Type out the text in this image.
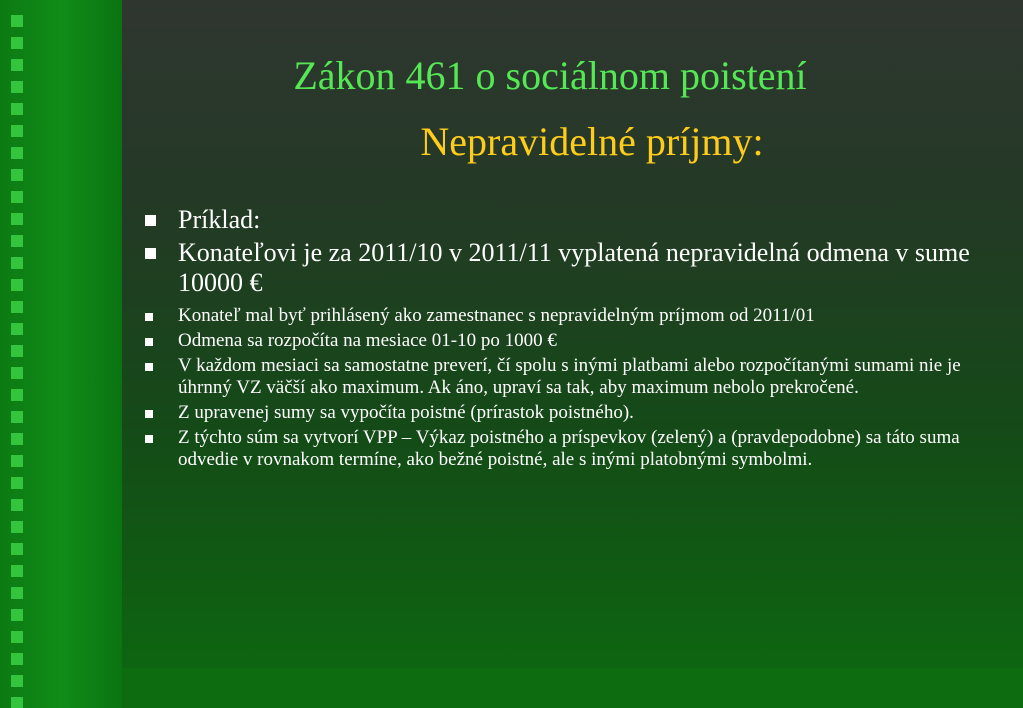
Zákon 461 o sociálnom poistení
Nepravidelné príjmy:
Príklad:
Konateľovi je za 2011/10 v 2011/11 vyplatená nepravidelná odmena v sume 10000 €
Konateľ mal byť prihlásený ako zamestnanec s nepravidelným príjmom od 2011/01
Odmena sa rozpočíta na mesiace 01-10 po 1000 €
V každom mesiaci sa samostatne preverí, čí spolu s inými platbami alebo rozpočítanými sumami nie je úhrnný VZ väčší ako maximum. Ak áno, upraví sa tak, aby maximum nebolo prekročené.
Z upravenej sumy sa vypočíta poistné (prírastok poistného).
Z týchto súm sa vytvorí VPP – Výkaz poistného a príspevkov (zelený) a (pravdepodobne) sa táto suma odvedie v rovnakom termíne, ako bežné poistné, ale s inými platobnými symbolmi.
